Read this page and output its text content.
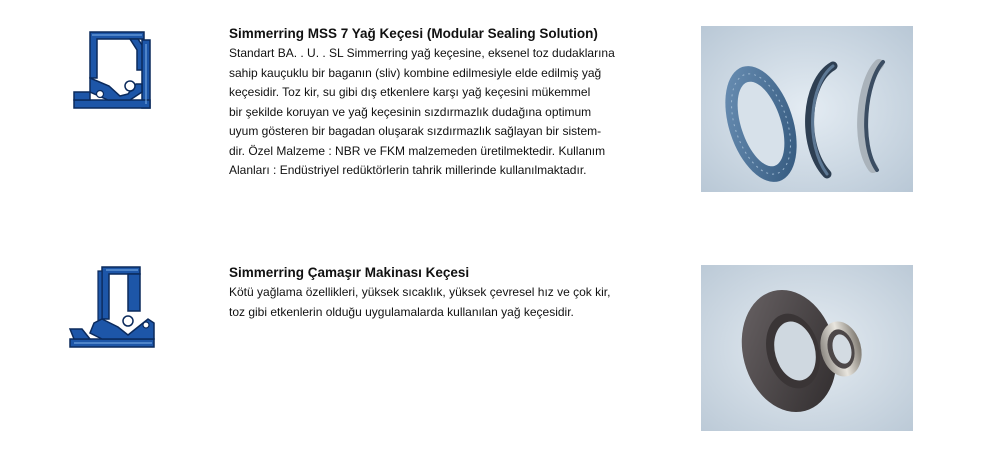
Simmerring MSS 7 Yağ Keçesi (Modular Sealing Solution)
Standart BA. . U. . SL Simmerring yağ keçesine, eksenel toz dudaklarına
sahip kauçuklu bir baganın (sliv) kombine edilmesiyle elde edilmiş yağ
keçesidir. Toz kir, su gibi dış etkenlere karşı yağ keçesini mükemmel
bir şekilde koruyan ve yağ keçesinin sızdırmazlık dudağına optimum
uyum gösteren bir bagadan oluşarak sızdırmazlık sağlayan bir sistem-
dir. Özel Malzeme : NBR ve FKM malzemeden üretilmektedir. Kullanım
Alanları : Endüstriyel redüktörlerin tahrik millerinde kullanılmaktadır.
Simmerring Çamaşır Makinası Keçesi
Kötü yağlama özellikleri, yüksek sıcaklık, yüksek çevresel hız ve çok kir,
toz gibi etkenlerin olduğu uygulamalarda kullanılan yağ keçesidir.
